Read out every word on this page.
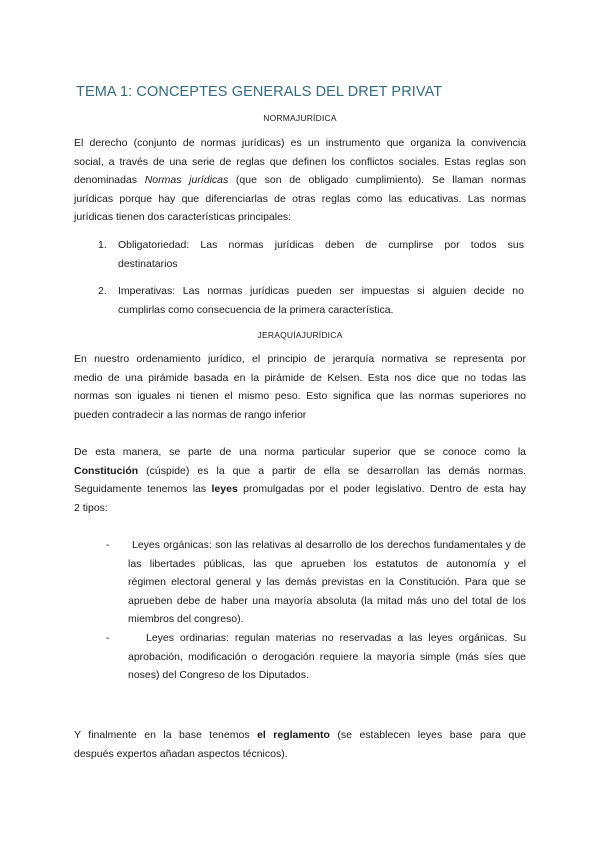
TEMA 1: CONCEPTES GENERALS DEL DRET PRIVAT
NORMAJURÍDICA
El derecho (conjunto de normas jurídicas) es un instrumento que organiza la convivencia
social, a través de una serie de reglas que definen los conflictos sociales. Estas reglas son
denominadas Normas jurídicas (que son de obligado cumplimiento). Se llaman normas
jurídicas porque hay que diferenciarlas de otras reglas como las educativas. Las normas
jurídicas tienen dos características principales:
1. Obligatoriedad: Las normas jurídicas deben de cumplirse por todos sus
destinatarios
2. Imperativas: Las normas jurídicas pueden ser impuestas si alguien decide no
cumplirlas como consecuencia de la primera característica.
JERAQUÍAJURÍDICA
En nuestro ordenamiento jurídico, el principio de jerarquía normativa se representa por
medio de una pirámide basada en la pirámide de Kelsen. Esta nos dice que no todas las
normas son iguales ni tienen el mismo peso. Esto significa que las normas superiores no
pueden contradecir a las normas de rango inferior
De esta manera, se parte de una norma particular superior que se conoce como la
Constitución (cúspide) es la que a partir de ella se desarrollan las demás normas.
Seguidamente tenemos las leyes promulgadas por el poder legislativo. Dentro de esta hay
2 tipos:
-	Leyes orgánicas: son las relativas al desarrollo de los derechos fundamentales y de
las libertades públicas, las que aprueben los estatutos de autonomía y el
régimen electoral general y las demás previstas en la Constitución. Para que se
aprueben debe de haber una mayoría absoluta (la mitad más uno del total de los
miembros del congreso).
-	Leyes ordinarias: regulan materias no reservadas a las leyes orgánicas. Su
aprobación, modificación o derogación requiere la mayoría simple (más síes que
noses) del Congreso de los Diputados.
Y finalmente en la base tenemos el reglamento (se establecen leyes base para que
después expertos añadan aspectos técnicos).
